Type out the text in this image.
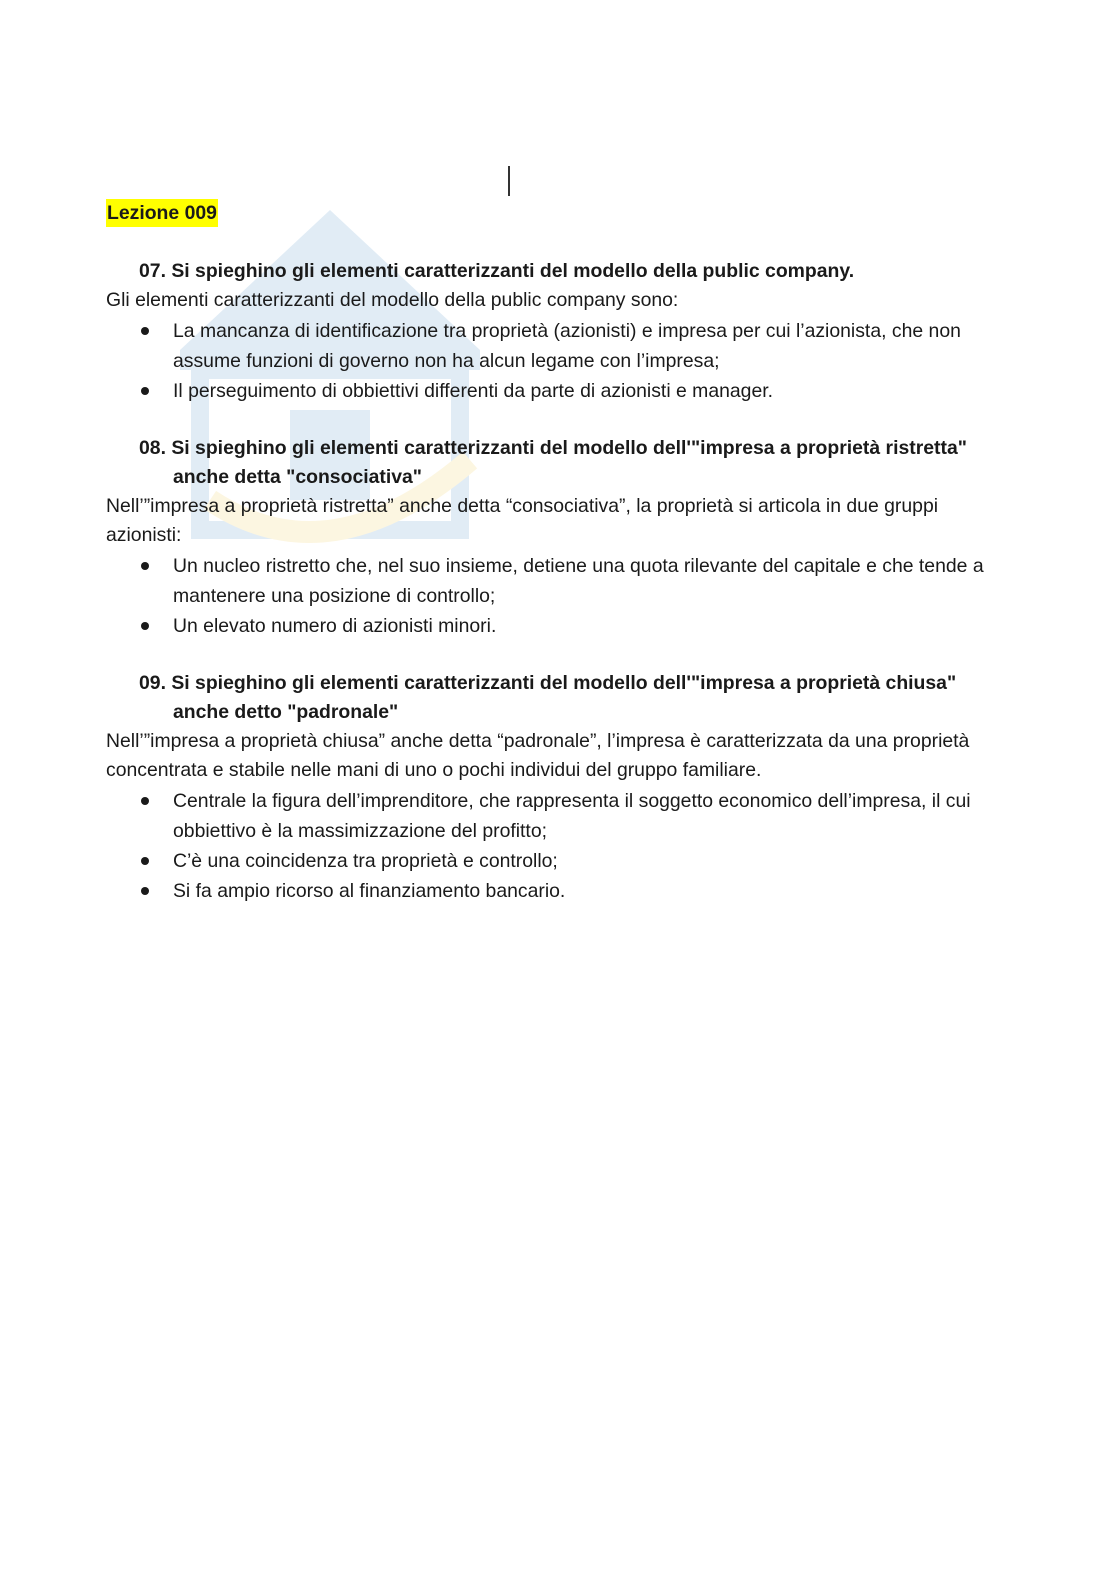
Lezione 009
07. Si spieghino gli elementi caratterizzanti del modello della public company.

Gli elementi caratterizzanti del modello della public company sono:

La mancanza di identificazione tra proprietà (azionisti) e impresa per cui l’azionista, che non assume funzioni di governo non ha alcun legame con l’impresa;
Il perseguimento di obbiettivi differenti da parte di azionisti e manager.
08. Si spieghino gli elementi caratterizzanti del modello dell'"impresa a proprietà ristretta" anche detta "consociativa"

Nell’”impresa a proprietà ristretta” anche detta “consociativa”, la proprietà si articola in due gruppi azionisti:

Un nucleo ristretto che, nel suo insieme, detiene una quota rilevante del capitale e che tende a mantenere una posizione di controllo;
Un elevato numero di azionisti minori.
09. Si spieghino gli elementi caratterizzanti del modello dell'"impresa a proprietà chiusa" anche detto "padronale"

Nell’”impresa a proprietà chiusa” anche detta “padronale”, l’impresa è caratterizzata da una proprietà concentrata e stabile nelle mani di uno o pochi individui del gruppo familiare.

Centrale la figura dell’imprenditore, che rappresenta il soggetto economico dell’impresa, il cui obbiettivo è la massimizzazione del profitto;
C’è una coincidenza tra proprietà e controllo;
Si fa ampio ricorso al finanziamento bancario.
